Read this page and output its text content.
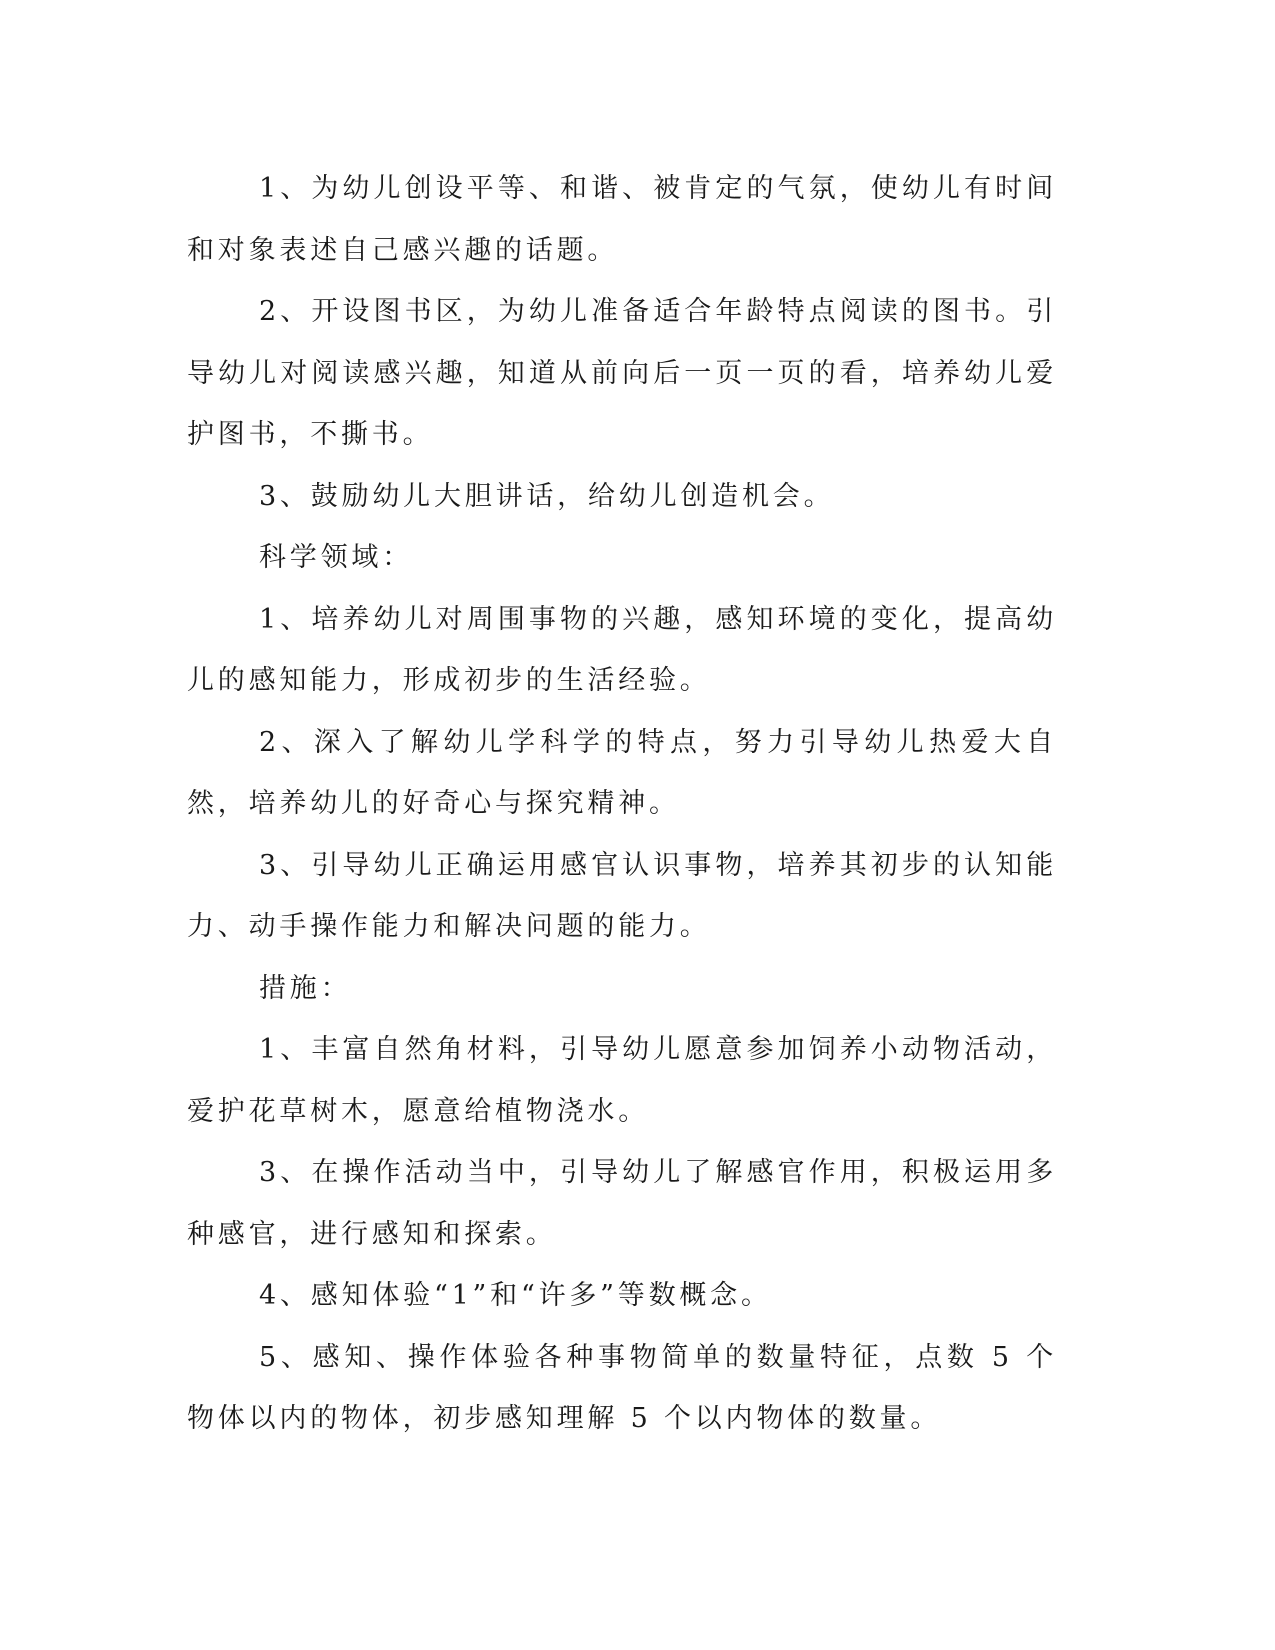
1、为幼儿创设平等、和谐、被肯定的气氛，使幼儿有时间和对象表述自己感兴趣的话题。

2、开设图书区，为幼儿准备适合年龄特点阅读的图书。引导幼儿对阅读感兴趣，知道从前向后一页一页的看，培养幼儿爱护图书，不撕书。

3、鼓励幼儿大胆讲话，给幼儿创造机会。

科学领域：

1、培养幼儿对周围事物的兴趣，感知环境的变化，提高幼儿的感知能力，形成初步的生活经验。

2、深入了解幼儿学科学的特点，努力引导幼儿热爱大自然，培养幼儿的好奇心与探究精神。

3、引导幼儿正确运用感官认识事物，培养其初步的认知能力、动手操作能力和解决问题的能力。

措施：

1、丰富自然角材料，引导幼儿愿意参加饲养小动物活动，爱护花草树木，愿意给植物浇水。

3、在操作活动当中，引导幼儿了解感官作用，积极运用多种感官，进行感知和探索。

4、感知体验“1”和“许多”等数概念。

5、感知、操作体验各种事物简单的数量特征，点数 5 个物体以内的物体，初步感知理解 5 个以内物体的数量。
